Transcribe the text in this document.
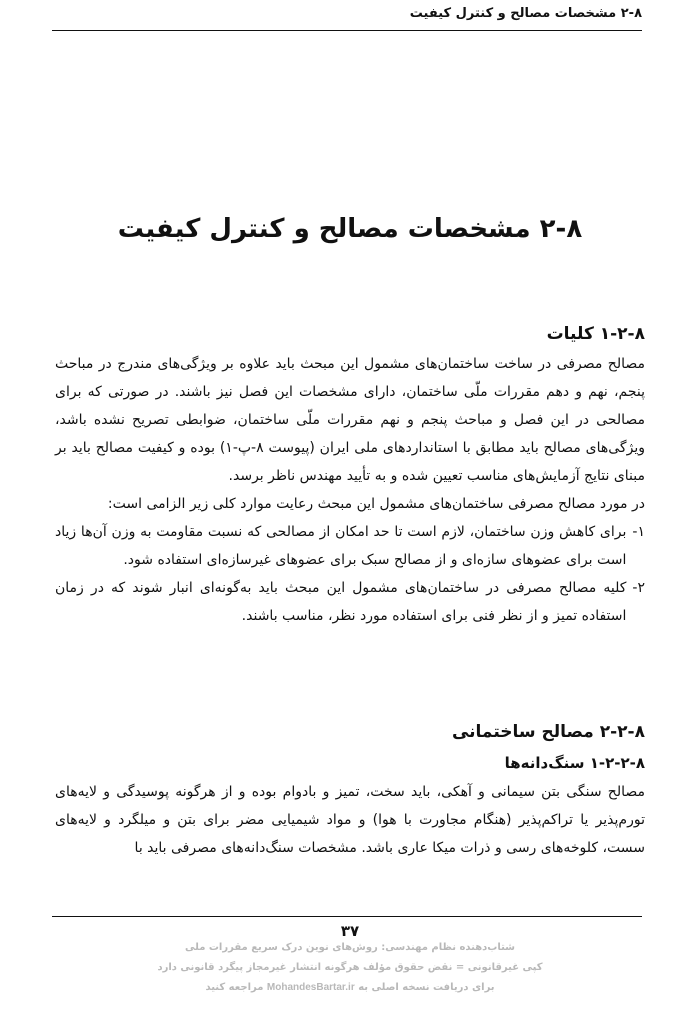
۲-۸ مشخصات مصالح و کنترل کیفیت
۲-۸ مشخصات مصالح و کنترل کیفیت
۱-۲-۸ کلیات

مصالح مصرفی در ساخت ساختمان‌های مشمول این مبحث باید علاوه بر ویژگی‌های مندرج در مباحث پنجم، نهم و دهم مقررات ملّی ساختمان، دارای مشخصات این فصل نیز باشند. در صورتی که برای مصالحی در این فصل و مباحث پنجم و نهم مقررات ملّی ساختمان، ضوابطی تصریح نشده باشد، ویژگی‌های مصالح باید مطابق با استانداردهای ملی ایران (پیوست ۸-پ-۱) بوده و کیفیت مصالح باید بر مبنای نتایج آزمایش‌های مناسب تعیین شده و به تأیید مهندس ناظر برسد.

در مورد مصالح مصرفی ساختمان‌های مشمول این مبحث رعایت موارد کلی زیر الزامی است:

۱-
برای کاهش وزن ساختمان، لازم است تا حد امکان از مصالحی که نسبت مقاومت به وزن آن‌ها زیاد است برای عضوهای سازه‌ای و از مصالح سبک برای عضوهای غیرسازه‌ای استفاده شود.
۲-
کلیه مصالح مصرفی در ساختمان‌های مشمول این مبحث باید به‌گونه‌ای انبار شوند که در زمان استفاده تمیز و از نظر فنی برای استفاده مورد نظر، مناسب باشند.
۲-۲-۸ مصالح ساختمانی
۱-۲-۲-۸ سنگ‌دانه‌ها

مصالح سنگی بتن سیمانی و آهکی، باید سخت، تمیز و بادوام بوده و از هرگونه پوسیدگی و لایه‌های تورم‌پذیر یا تراکم‌پذیر (هنگام مجاورت با هوا) و مواد شیمیایی مضر برای بتن و میلگرد و لایه‌های سست، کلوخه‌های رسی و ذرات میکا عاری باشد. مشخصات سنگ‌دانه‌های مصرفی باید با

۳۷
شتاب‌دهنده نظام مهندسی: روش‌های نوین درک سریع مقررات ملی
کپی غیرقانونی = نقض حقوق مؤلف هرگونه انتشار غیرمجاز پیگرد قانونی دارد
برای دریافت نسخه اصلی به MohandesBartar.ir مراجعه کنید
